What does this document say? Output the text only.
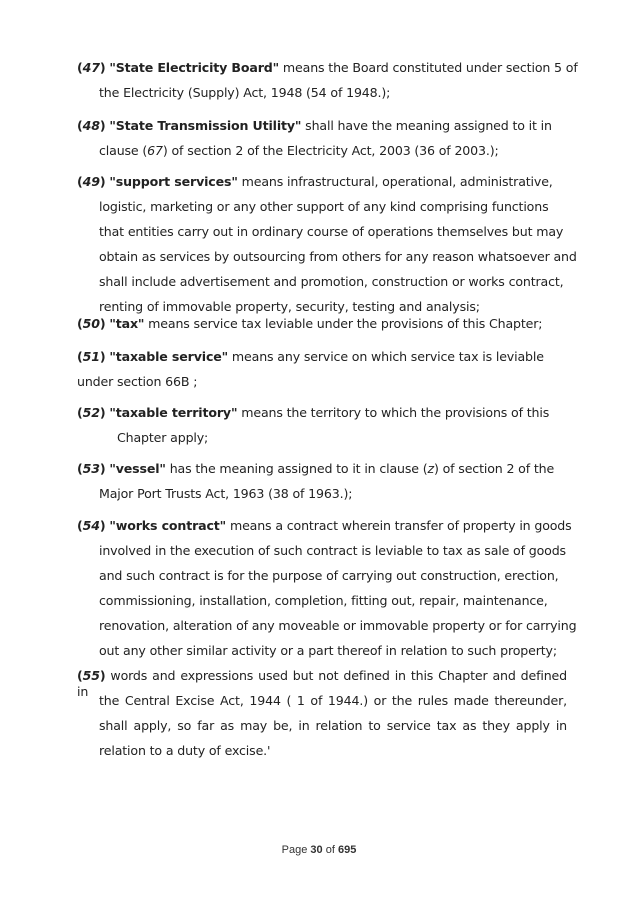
(47) "State Electricity Board" means the Board constituted under section 5 of
the Electricity (Supply) Act, 1948 (54 of 1948.);
(48) "State Transmission Utility" shall have the meaning assigned to it in
clause (67) of section 2 of the Electricity Act, 2003 (36 of 2003.);
(49) "support services" means infrastructural, operational, administrative,
logistic, marketing or any other support of any kind comprising functions
that entities carry out in ordinary course of operations themselves but may
obtain as services by outsourcing from others for any reason whatsoever and
shall include advertisement and promotion, construction or works contract,
renting of immovable property, security, testing and analysis;
(50) "tax" means service tax leviable under the provisions of this Chapter;
(51) "taxable service" means any service on which service tax is leviable
under section 66B ;
(52) "taxable territory" means the territory to which the provisions of this
Chapter apply;
(53) "vessel" has the meaning assigned to it in clause (z) of section 2 of the
Major Port Trusts Act, 1963 (38 of 1963.);
(54) "works contract" means a contract wherein transfer of property in goods
involved in the execution of such contract is leviable to tax as sale of goods
and such contract is for the purpose of carrying out construction, erection,
commissioning, installation, completion, fitting out, repair, maintenance,
renovation, alteration of any moveable or immovable property or for carrying
out any other similar activity or a part thereof in relation to such property;
(55) words and expressions used but not defined in this Chapter and defined in
the Central Excise Act, 1944 ( 1 of 1944.) or the rules made thereunder,
shall apply, so far as may be, in relation to service tax as they apply in
relation to a duty of excise.'
Page 30 of 695
